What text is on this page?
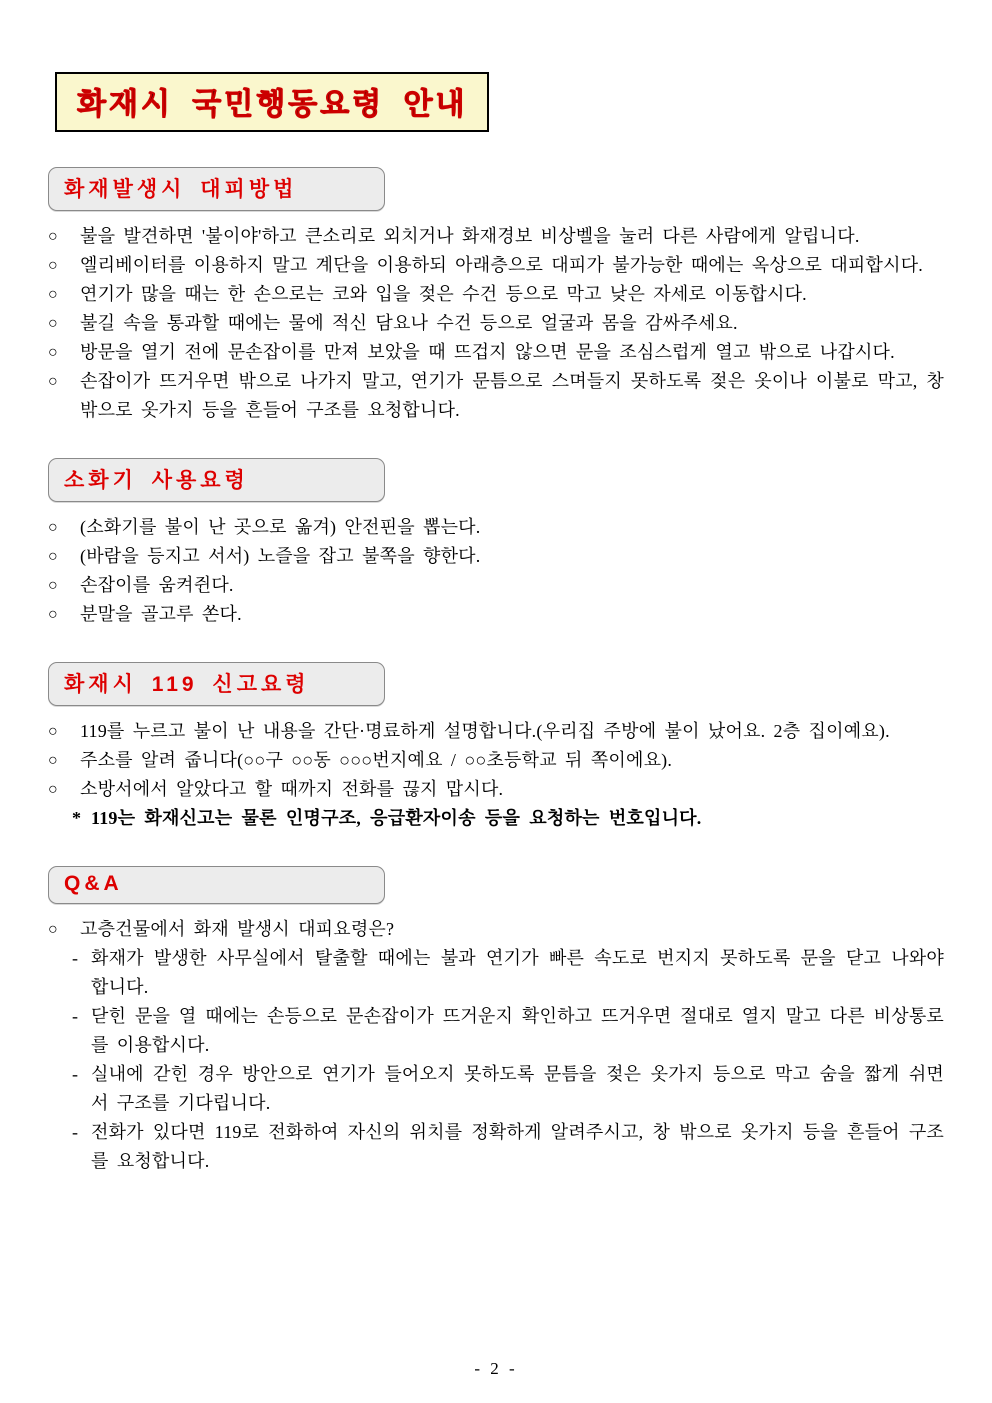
화재시 국민행동요령 안내
화재발생시 대피방법
○	불을 발견하면 '불이야'하고 큰소리로 외치거나 화재경보 비상벨을 눌러 다른 사람에게 알립니다.
○	엘리베이터를 이용하지 말고 계단을 이용하되 아래층으로 대피가 불가능한 때에는 옥상으로 대피합시다.
○	연기가 많을 때는 한 손으로는 코와 입을 젖은 수건 등으로 막고 낮은 자세로 이동합시다.
○	불길 속을 통과할 때에는 물에 적신 담요나 수건 등으로 얼굴과 몸을 감싸주세요.
○	방문을 열기 전에 문손잡이를 만져 보았을 때 뜨겁지 않으면 문을 조심스럽게 열고 밖으로 나갑시다.
○	손잡이가 뜨거우면 밖으로 나가지 말고, 연기가 문틈으로 스며들지 못하도록 젖은 옷이나 이불로 막고, 창 밖으로 옷가지 등을 흔들어 구조를 요청합니다.
소화기 사용요령
○	(소화기를 불이 난 곳으로 옮겨) 안전핀을 뽑는다.
○	(바람을 등지고 서서) 노즐을 잡고 불쪽을 향한다.
○	손잡이를 움켜쥔다.
○	분말을 골고루 쏜다.
화재시 119 신고요령
○	119를 누르고 불이 난 내용을 간단·명료하게 설명합니다.(우리집 주방에 불이 났어요. 2층 집이예요).
○	주소를 알려 줍니다(○○구 ○○동 ○○○번지예요 / ○○초등학교 뒤 쪽이에요).
○	소방서에서 알았다고 할 때까지 전화를 끊지 맙시다.
* 119는 화재신고는 물론 인명구조, 응급환자이송 등을 요청하는 번호입니다.
Q&A
○	고층건물에서 화재 발생시 대피요령은?
- 화재가 발생한 사무실에서 탈출할 때에는 불과 연기가 빠른 속도로 번지지 못하도록 문을 닫고 나와야 합니다.
- 닫힌 문을 열 때에는 손등으로 문손잡이가 뜨거운지 확인하고 뜨거우면 절대로 열지 말고 다른 비상통로를 이용합시다.
- 실내에 갇힌 경우 방안으로 연기가 들어오지 못하도록 문틈을 젖은 옷가지 등으로 막고 숨을 짧게 쉬면서 구조를 기다립니다.
- 전화가 있다면 119로 전화하여 자신의 위치를 정확하게 알려주시고, 창 밖으로 옷가지 등을 흔들어 구조를 요청합니다.
- 2 -
